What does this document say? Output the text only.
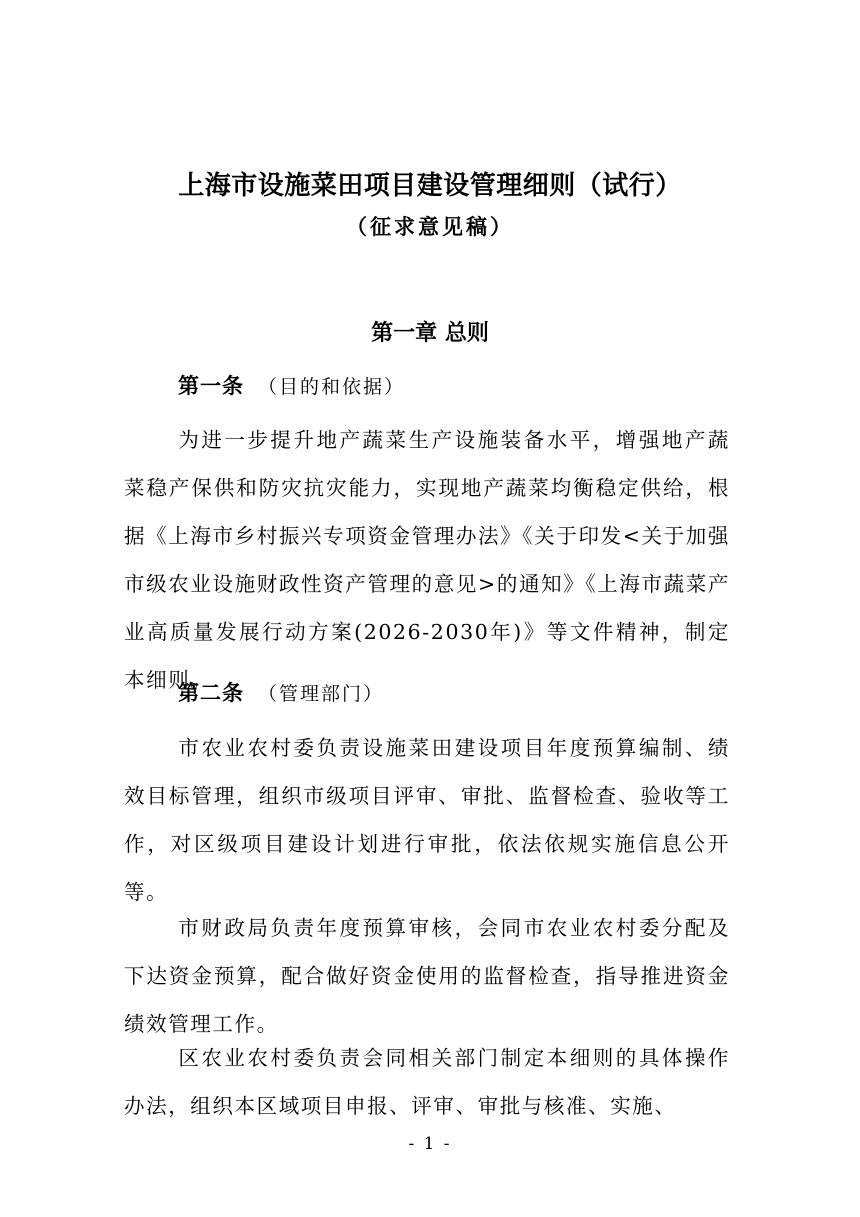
上海市设施菜田项目建设管理细则（试行）
（征求意见稿）
第一章 总则
第一条 （目的和依据）

为进一步提升地产蔬菜生产设施装备水平，增强地产蔬菜稳产保供和防灾抗灾能力，实现地产蔬菜均衡稳定供给，根据《上海市乡村振兴专项资金管理办法》《关于印发<关于加强市级农业设施财政性资产管理的意见>的通知》《上海市蔬菜产业高质量发展行动方案(2026-2030年)》等文件精神，制定本细则。

第二条 （管理部门）

市农业农村委负责设施菜田建设项目年度预算编制、绩效目标管理，组织市级项目评审、审批、监督检查、验收等工作，对区级项目建设计划进行审批，依法依规实施信息公开等。

市财政局负责年度预算审核，会同市农业农村委分配及下达资金预算，配合做好资金使用的监督检查，指导推进资金绩效管理工作。

区农业农村委负责会同相关部门制定本细则的具体操作办法，组织本区域项目申报、评审、审批与核准、实施、

- 1 -
